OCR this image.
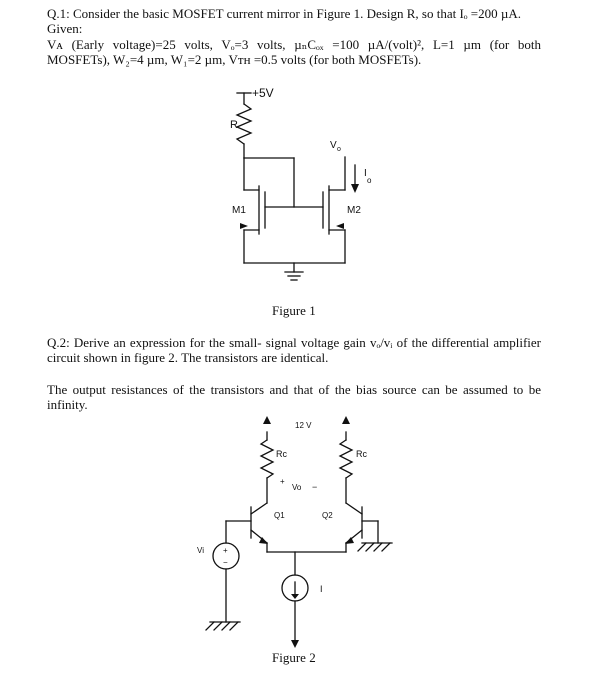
Q.1: Consider the basic MOSFET current mirror in Figure 1. Design R, so that Iₒ =200 µA.
Given:
Vᴀ (Early voltage)=25 volts, Vₒ=3 volts, µₙCₒₓ =100 µA/(volt)², L=1 µm (for both
MOSFETs), W₂=4 µm, W₁=2 µm, Vᴛʜ =0.5 volts (for both MOSFETs).
+5V
R
V o
I
o
M1	M2
Figure 1
Q.2: Derive an expression for the small- signal voltage gain vₒ/vᵢ of the differential amplifier
circuit shown in figure 2. The transistors are identical.
The output resistances of the transistors and that of the bias source can be assumed to be
infinity.
12 V
Rc	Rc
+
Vo −
Q1	Q2
Vi +
−
I
Figure 2
